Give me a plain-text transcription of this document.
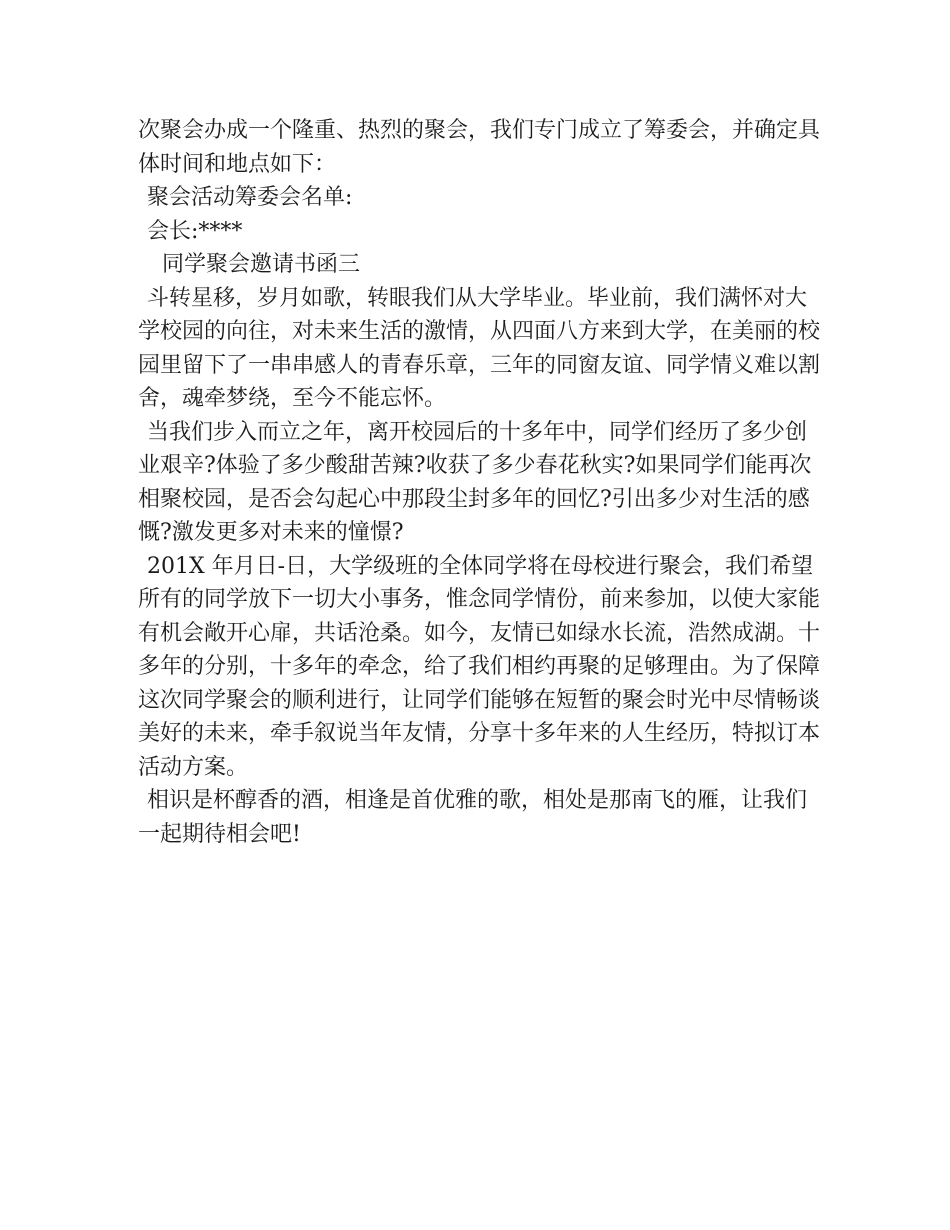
次聚会办成一个隆重、热烈的聚会，我们专门成立了筹委会，并确定具
体时间和地点如下：
聚会活动筹委会名单:
会长:****
同学聚会邀请书函三
斗转星移，岁月如歌，转眼我们从大学毕业。毕业前，我们满怀对大
学校园的向往，对未来生活的激情，从四面八方来到大学，在美丽的校
园里留下了一串串感人的青春乐章，三年的同窗友谊、同学情义难以割
舍，魂牵梦绕，至今不能忘怀。
当我们步入而立之年，离开校园后的十多年中，同学们经历了多少创
业艰辛?体验了多少酸甜苦辣?收获了多少春花秋实?如果同学们能再次
相聚校园，是否会勾起心中那段尘封多年的回忆?引出多少对生活的感
慨?激发更多对未来的憧憬?
201X 年月日-日，大学级班的全体同学将在母校进行聚会，我们希望
所有的同学放下一切大小事务，惟念同学情份，前来参加，以使大家能
有机会敞开心扉，共话沧桑。如今，友情已如绿水长流，浩然成湖。十
多年的分别，十多年的牵念，给了我们相约再聚的足够理由。为了保障
这次同学聚会的顺利进行，让同学们能够在短暂的聚会时光中尽情畅谈
美好的未来，牵手叙说当年友情，分享十多年来的人生经历，特拟订本
活动方案。
相识是杯醇香的酒，相逢是首优雅的歌，相处是那南飞的雁，让我们
一起期待相会吧!
